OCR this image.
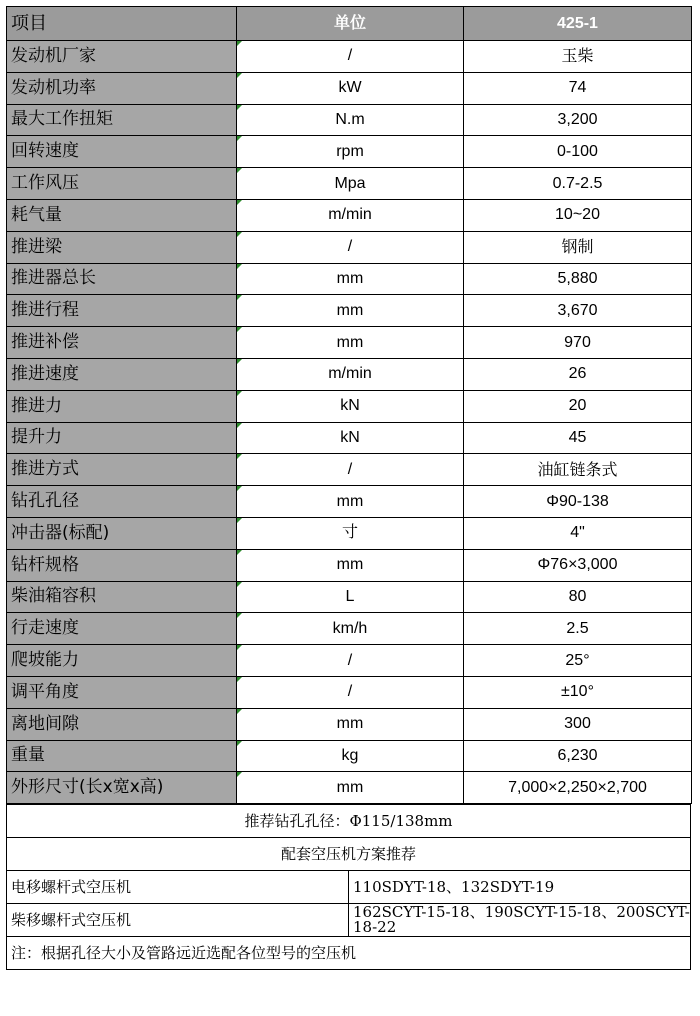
项目	单位	425-1
发动机厂家	/	玉柴
发动机功率	kW	74
最大工作扭矩	N.m	3,200
回转速度	rpm	0-100
工作风压	Mpa	0.7-2.5
耗气量	m/min	10~20
推进梁	/	钢制
推进器总长	mm	5,880
推进行程	mm	3,670
推进补偿	mm	970
推进速度	m/min	26
推进力	kN	20
提升力	kN	45
推进方式	/	油缸链条式
钻孔孔径	mm	Φ90-138
冲击器(标配)	寸	4"
钻杆规格	mm	Φ76×3,000
柴油箱容积	L	80
行走速度	km/h	2.5
爬坡能力	/	25°
调平角度	/	±10°
离地间隙	mm	300
重量	kg	6,230
外形尺寸(长x宽x高)	mm	7,000×2,250×2,700
推荐钻孔孔径：Φ115/138mm	
配套空压机方案推荐	
电移螺杆式空压机	110SDYT-18、132SDYT-19
柴移螺杆式空压机	162SCYT-15-18、190SCYT-15-18、200SCYT-18-22
注：根据孔径大小及管路远近选配各位型号的空压机	
